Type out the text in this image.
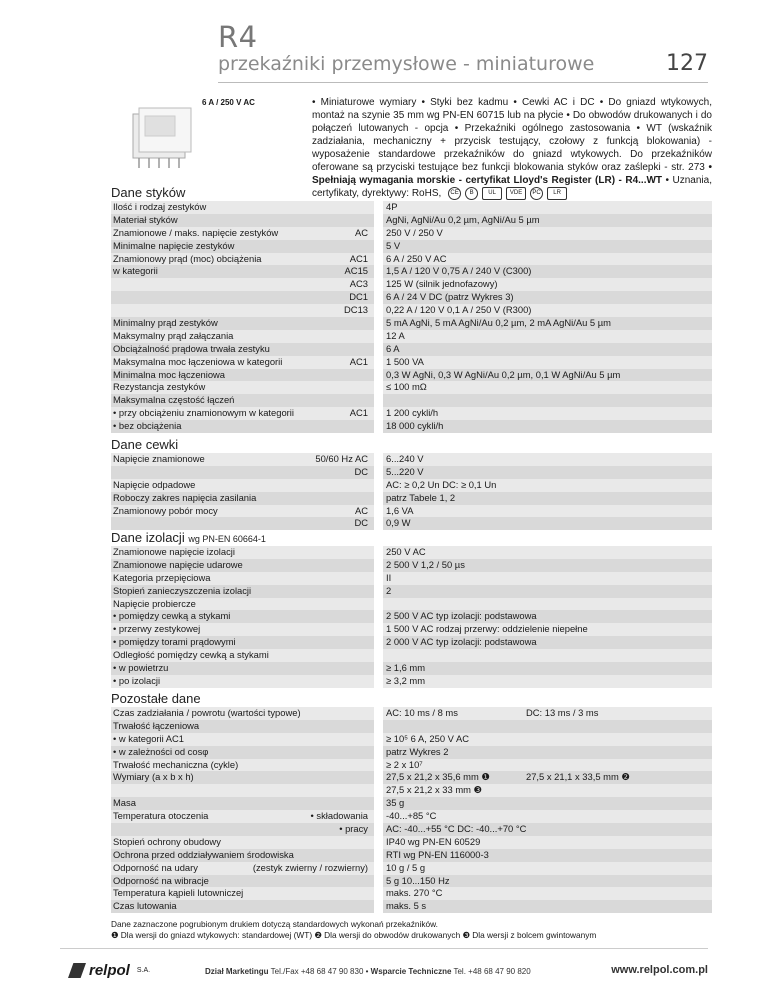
R4
przekaźniki przemysłowe - miniaturowe	127
6 A / 250 V AC	• Miniaturowe wymiary • Styki bez kadmu • Cewki AC i DC • Do gniazd wtykowych, montaż na szynie 35 mm wg PN-EN 60715 lub na płycie • Do obwodów drukowanych i do połączeń lutowanych - opcja • Przekaźniki ogólnego zastosowania • WT (wskaźnik zadziałania, mechaniczny + przycisk testujący, czołowy z funkcją blokowania) - wyposażenie standardowe przekaźników do gniazd wtykowych. Do przekaźników oferowane są przyciski testujące bez funkcji blokowania styków oraz zaślepki - str. 273 • Spełniają wymagania morskie - certyfikat Lloyd's Register (LR) - R4...WT • Uznania, certyfikaty, dyrektywy: RoHS,	CE	B	UL	VDE	PC	LR
Dane styków
Ilość i rodzaj zestyków	4P
Materiał styków	AgNi, AgNi/Au 0,2 µm, AgNi/Au 5 µm
Znamionowe / maks. napięcie zestyków	AC	250 V / 250 V
Minimalne napięcie zestyków	5 V
Znamionowy prąd (moc) obciążenia	AC1	6 A / 250 V AC
w kategorii	AC15	1,5 A / 120 V 0,75 A / 240 V (C300)
AC3	125 W (silnik jednofazowy)
DC1	6 A / 24 V DC (patrz Wykres 3)
DC13	0,22 A / 120 V 0,1 A / 250 V (R300)
Minimalny prąd zestyków	5 mA AgNi, 5 mA AgNi/Au 0,2 µm, 2 mA AgNi/Au 5 µm
Maksymalny prąd załączania	12 A
Obciążalność prądowa trwała zestyku	6 A
Maksymalna moc łączeniowa w kategorii	AC1	1 500 VA
Minimalna moc łączeniowa	0,3 W AgNi, 0,3 W AgNi/Au 0,2 µm, 0,1 W AgNi/Au 5 µm
Rezystancja zestyków	≤ 100 mΩ
Maksymalna częstość łączeń
• przy obciążeniu znamionowym w kategorii	AC1	1 200 cykli/h
• bez obciążenia	18 000 cykli/h
Dane cewki
Napięcie znamionowe	50/60 Hz AC	6...240 V
DC	5...220 V
Napięcie odpadowe	AC: ≥ 0,2 Un DC: ≥ 0,1 Un
Roboczy zakres napięcia zasilania	patrz Tabele 1, 2
Znamionowy pobór mocy	AC	1,6 VA
DC	0,9 W
Dane izolacji wg PN-EN 60664-1
Znamionowe napięcie izolacji	250 V AC
Znamionowe napięcie udarowe	2 500 V 1,2 / 50 µs
Kategoria przepięciowa	II
Stopień zanieczyszczenia izolacji	2
Napięcie probiercze
• pomiędzy cewką a stykami	2 500 V AC typ izolacji: podstawowa
• przerwy zestykowej	1 500 V AC rodzaj przerwy: oddzielenie niepełne
• pomiędzy torami prądowymi	2 000 V AC typ izolacji: podstawowa
Odległość pomiędzy cewką a stykami
• w powietrzu	≥ 1,6 mm
• po izolacji	≥ 3,2 mm
Pozostałe dane
Czas zadziałania / powrotu (wartości typowe)	AC: 10 ms / 8 ms	DC: 13 ms / 3 ms
Trwałość łączeniowa
• w kategorii AC1	≥ 10⁵ 6 A, 250 V AC
• w zależności od cosφ	patrz Wykres 2
Trwałość mechaniczna (cykle)	≥ 2 x 10⁷
Wymiary (a x b x h)	27,5 x 21,2 x 35,6 mm ❶	27,5 x 21,1 x 33,5 mm ❷
27,5 x 21,2 x 33 mm ❸
Masa	35 g
Temperatura otoczenia	• składowania	-40...+85 °C
• pracy	AC: -40...+55 °C DC: -40...+70 °C
Stopień ochrony obudowy	IP40 wg PN-EN 60529
Ochrona przed oddziaływaniem środowiska	RTI wg PN-EN 116000-3
Odporność na udary	(zestyk zwierny / rozwierny)	10 g / 5 g
Odporność na wibracje	5 g 10...150 Hz
Temperatura kąpieli lutowniczej	maks. 270 °C
Czas lutowania	maks. 5 s
Dane zaznaczone pogrubionym drukiem dotyczą standardowych wykonań przekaźników.
❶ Dla wersji do gniazd wtykowych: standardowej (WT) ❷ Dla wersji do obwodów drukowanych ❸ Dla wersji z bolcem gwintowanym
relpol S.A.	Dział Marketingu Tel./Fax +48 68 47 90 830 • Wsparcie Techniczne Tel. +48 68 47 90 820	www.relpol.com.pl
